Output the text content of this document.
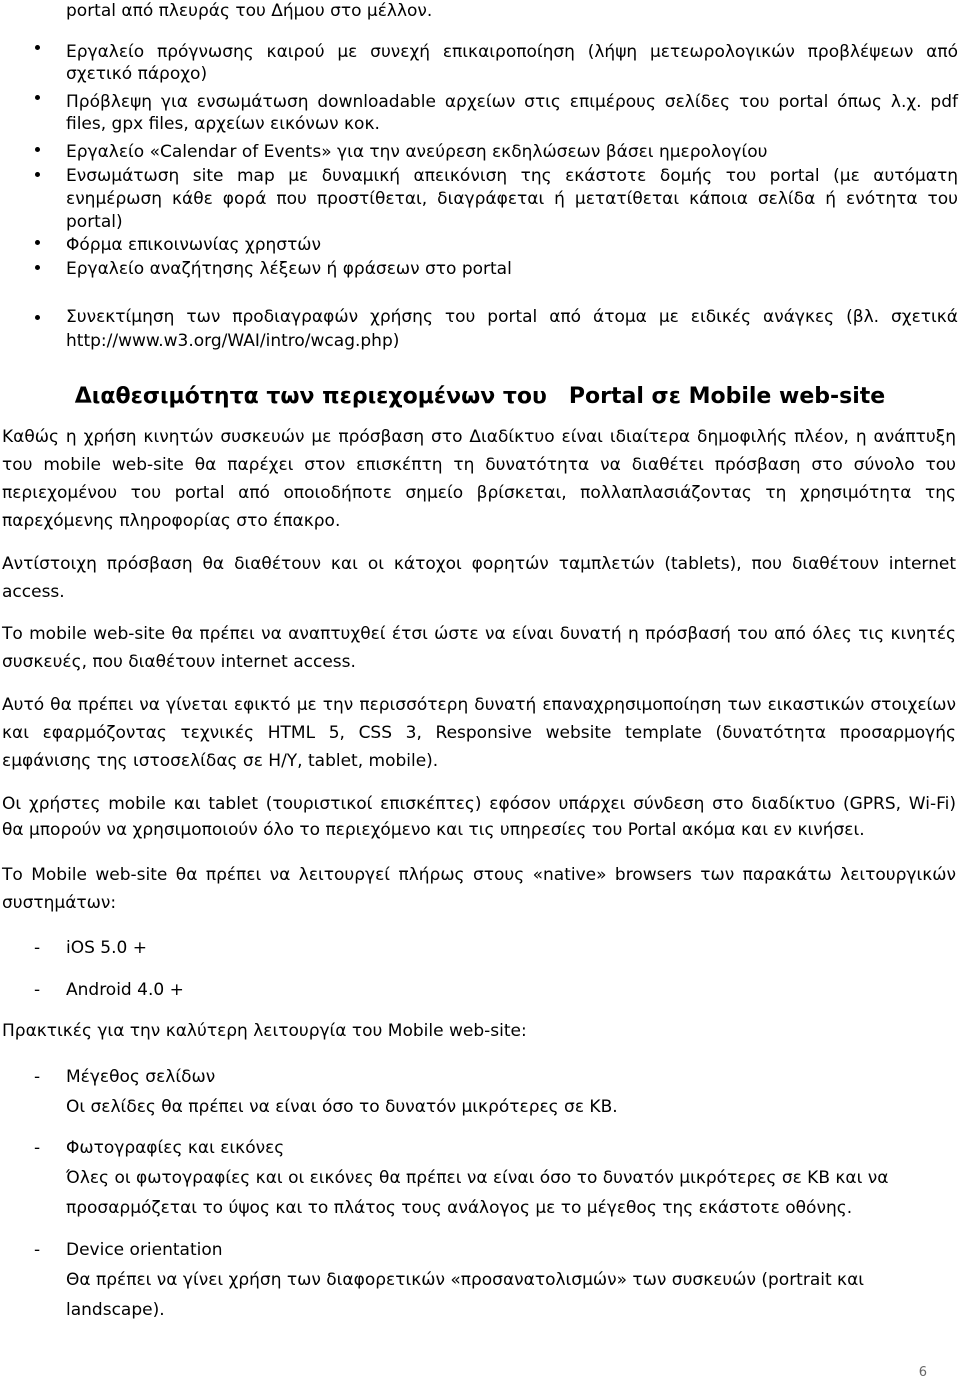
portal από πλευράς του Δήμου στο μέλλον.
Εργαλείο πρόγνωσης καιρού με συνεχή επικαιροποίηση (λήψη μετεωρολογικών προβλέψεων από
σχετικό πάροχο)
Πρόβλεψη για ενσωμάτωση downloadable αρχείων στις επιμέρους σελίδες του portal όπως λ.χ. pdf
files, gpx files, αρχείων εικόνων κοκ.
Εργαλείο «Calendar of Events» για την ανεύρεση εκδηλώσεων βάσει ημερολογίου
Ενσωμάτωση site map με δυναμική απεικόνιση της εκάστοτε δομής του portal (με αυτόματη
ενημέρωση κάθε φορά που προστίθεται, διαγράφεται ή μετατίθεται κάποια σελίδα ή ενότητα του
portal)
Φόρμα επικοινωνίας χρηστών
Εργαλείο αναζήτησης λέξεων ή φράσεων στο portal
Συνεκτίμηση των προδιαγραφών χρήσης του portal από άτομα με ειδικές ανάγκες (βλ. σχετικά
http://www.w3.org/WAI/intro/wcag.php)
Διαθεσιμότητα των περιεχομένων του Portal σε Mobile web-site
Καθώς η χρήση κινητών συσκευών με πρόσβαση στο Διαδίκτυο είναι ιδιαίτερα δημοφιλής πλέον, η ανάπτυξη
του mobile web-site θα παρέχει στον επισκέπτη τη δυνατότητα να διαθέτει πρόσβαση στο σύνολο του
περιεχομένου του portal από οποιοδήποτε σημείο βρίσκεται, πολλαπλασιάζοντας τη χρησιμότητα της
παρεχόμενης πληροφορίας στο έπακρο.
Αντίστοιχη πρόσβαση θα διαθέτουν και οι κάτοχοι φορητών ταμπλετών (tablets), που διαθέτουν internet
access.
Το mobile web-site θα πρέπει να αναπτυχθεί έτσι ώστε να είναι δυνατή η πρόσβασή του από όλες τις κινητές
συσκευές, που διαθέτουν internet access.
Αυτό θα πρέπει να γίνεται εφικτό με την περισσότερη δυνατή επαναχρησιμοποίηση των εικαστικών στοιχείων
και εφαρμόζοντας τεχνικές HTML 5, CSS 3, Responsive website template (δυνατότητα προσαρμογής
εμφάνισης της ιστοσελίδας σε Η/Υ, tablet, mobile).
Οι χρήστες mobile και tablet (τουριστικοί επισκέπτες) εφόσον υπάρχει σύνδεση στο διαδίκτυο (GPRS, Wi-Fi)
θα μπορούν να χρησιμοποιούν όλο το περιεχόμενο και τις υπηρεσίες του Portal ακόμα και εν κινήσει.
Το Mobile web-site θα πρέπει να λειτουργεί πλήρως στους «native» browsers των παρακάτω λειτουργικών
συστημάτων:
- iOS 5.0 +
- Android 4.0 +
Πρακτικές για την καλύτερη λειτουργία του Mobile web-site:
- Μέγεθος σελίδων
Οι σελίδες θα πρέπει να είναι όσο το δυνατόν μικρότερες σε ΚΒ.
- Φωτογραφίες και εικόνες
Όλες οι φωτογραφίες και οι εικόνες θα πρέπει να είναι όσο το δυνατόν μικρότερες σε ΚΒ και να
προσαρμόζεται το ύψος και το πλάτος τους ανάλογος με το μέγεθος της εκάστοτε οθόνης.
- Device orientation
Θα πρέπει να γίνει χρήση των διαφορετικών «προσανατολισμών» των συσκευών (portrait και
landscape).
6
